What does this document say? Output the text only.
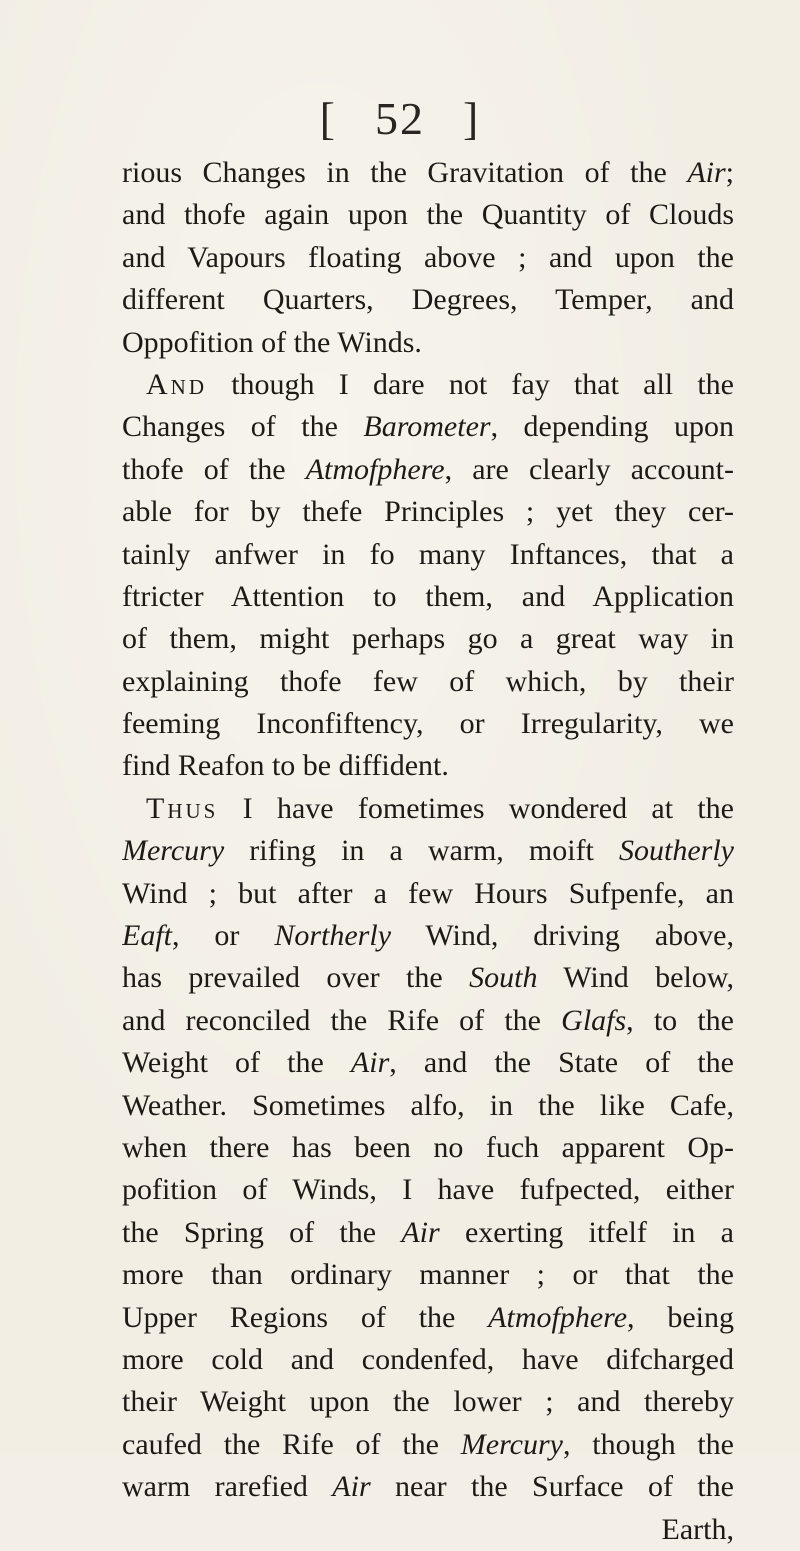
[ 52 ]
rious Changes in the Gravitation of the Air;
and thofe again upon the Quantity of Clouds
and Vapours floating above ; and upon the
different Quarters, Degrees, Temper, and
Oppofition of the Winds.
And though I dare not fay that all the
Changes of the Barometer, depending upon
thofe of the Atmofphere, are clearly account-
able for by thefe Principles ; yet they cer-
tainly anfwer in fo many Inftances, that a
ftricter Attention to them, and Application
of them, might perhaps go a great way in
explaining thofe few of which, by their
feeming Inconfiftency, or Irregularity, we
find Reafon to be diffident.
Thus I have fometimes wondered at the
Mercury rifing in a warm, moift Southerly
Wind ; but after a few Hours Sufpenfe, an
Eaft, or Northerly Wind, driving above,
has prevailed over the South Wind below,
and reconciled the Rife of the Glafs, to the
Weight of the Air, and the State of the
Weather. Sometimes alfo, in the like Cafe,
when there has been no fuch apparent Op-
pofition of Winds, I have fufpected, either
the Spring of the Air exerting itfelf in a
more than ordinary manner ; or that the
Upper Regions of the Atmofphere, being
more cold and condenfed, have difcharged
their Weight upon the lower ; and thereby
caufed the Rife of the Mercury, though the
warm rarefied Air near the Surface of the
Earth,
